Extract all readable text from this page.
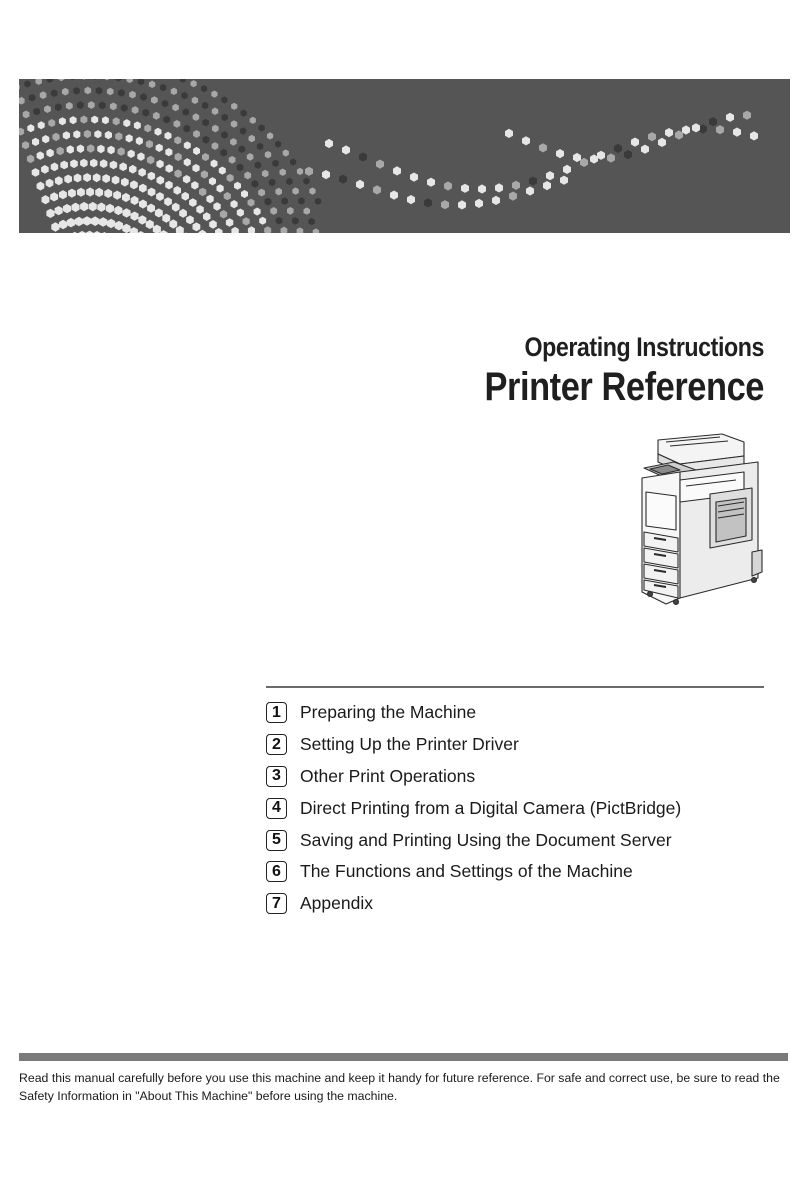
Operating Instructions

Printer Reference

1	Preparing the Machine
2	Setting Up the Printer Driver
3	Other Print Operations
4	Direct Printing from a Digital Camera (PictBridge)
5	Saving and Printing Using the Document Server
6	The Functions and Settings of the Machine
7	Appendix

Read this manual carefully before you use this machine and keep it handy for future reference. For safe and correct use, be sure to read the Safety Information in "About This Machine" before using the machine.
